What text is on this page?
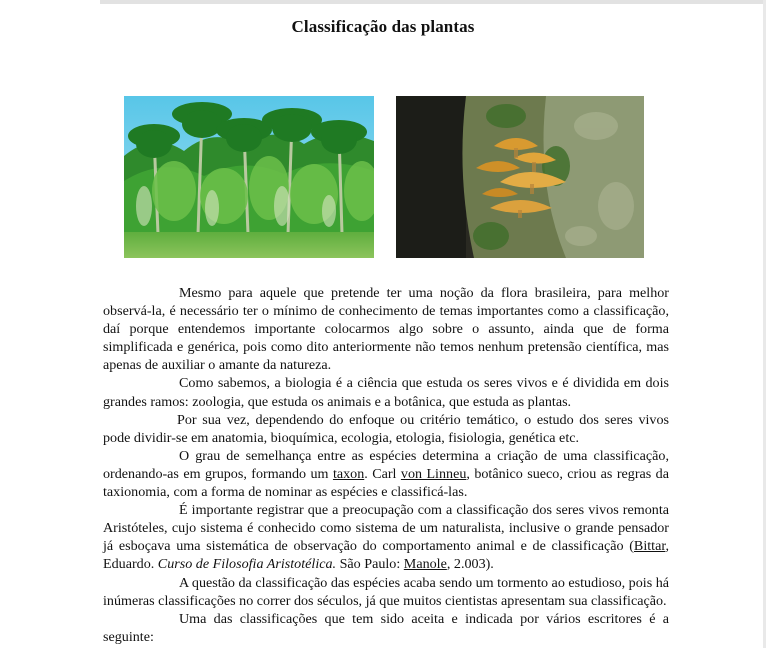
Classificação das plantas

Mesmo para aquele que pretende ter uma noção da flora brasileira, para melhor observá-la, é necessário ter o mínimo de conhecimento de temas importantes como a classificação, daí porque entendemos importante colocarmos algo sobre o assunto, ainda que de forma simplificada e genérica, pois como dito anteriormente não temos nenhum pretensão científica, mas apenas de auxiliar o amante da natureza.

Como sabemos, a biologia é a ciência que estuda os seres vivos e é dividida em dois grandes ramos: zoologia, que estuda os animais e a botânica, que estuda as plantas.

Por sua vez, dependendo do enfoque ou critério temático, o estudo dos seres vivos pode dividir-se em anatomia, bioquímica, ecologia, etologia, fisiologia, genética etc.

O grau de semelhança entre as espécies determina a criação de uma classificação, ordenando-as em grupos, formando um taxon. Carl von Linneu, botânico sueco, criou as regras da taxionomia, com a forma de nominar as espécies e classificá-las.

É importante registrar que a preocupação com a classificação dos seres vivos remonta Aristóteles, cujo sistema é conhecido como sistema de um naturalista, inclusive o grande pensador já esboçava uma sistemática de observação do comportamento animal e de classificação (Bittar, Eduardo. Curso de Filosofia Aristotélica. São Paulo: Manole, 2.003).

A questão da classificação das espécies acaba sendo um tormento ao estudioso, pois há inúmeras classificações no correr dos séculos, já que muitos cientistas apresentam sua classificação.

Uma das classificações que tem sido aceita e indicada por vários escritores é a seguinte:
